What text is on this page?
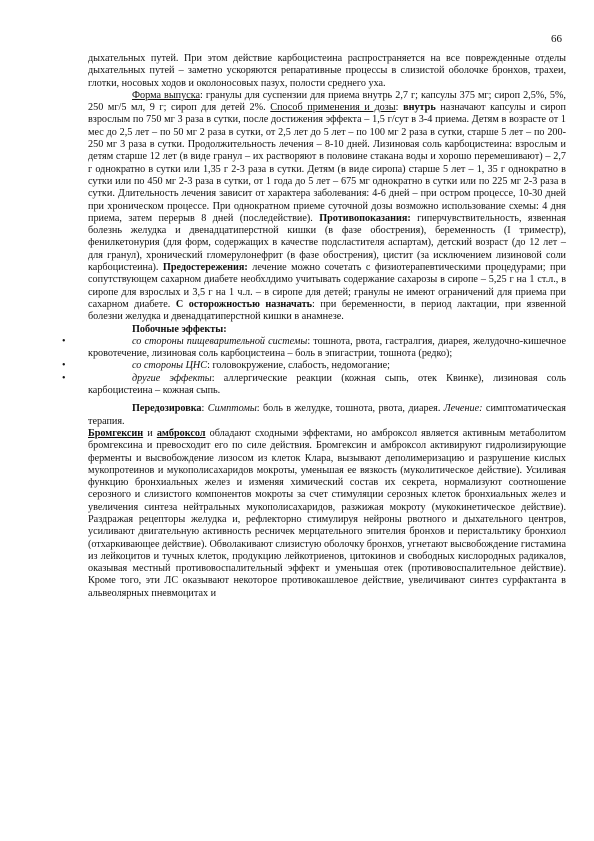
66

дыхательных путей. При этом действие карбоцистеина распространяется на все поврежденные отделы дыхательных путей – заметно ускоряются репаративные процессы в слизистой оболочке бронхов, трахеи, глотки, носовых ходов и околоносовых пазух, полости среднего уха.

Форма выпуска: гранулы для суспензии для приема внутрь 2,7 г; капсулы 375 мг; сироп 2,5%, 5%, 250 мг/5 мл, 9 г; сироп для детей 2%. Способ применения и дозы: внутрь назначают капсулы и сироп взрослым по 750 мг 3 раза в сутки, после достижения эффекта – 1,5 г/сут в 3-4 приема. Детям в возрасте от 1 мес до 2,5 лет – по 50 мг 2 раза в сутки, от 2,5 лет до 5 лет – по 100 мг 2 раза в сутки, старше 5 лет – по 200-250 мг 3 раза в сутки. Продолжительность лечения – 8-10 дней. Лизиновая соль карбоцистеина: взрослым и детям старше 12 лет (в виде гранул – их растворяют в половине стакана воды и хорошо перемешивают) – 2,7 г однократно в сутки или 1,35 г 2-3 раза в сутки. Детям (в виде сиропа) старше 5 лет – 1, 35 г однократно в сутки или по 450 мг 2-3 раза в сутки, от 1 года до 5 лет – 675 мг однократно в сутки или по 225 мг 2-3 раза в сутки. Длительность лечения зависит от характера заболевания: 4-6 дней – при остром процессе, 10-30 дней при хроническом процессе. При однократном приеме суточной дозы возможно использование схемы: 4 дня приема, затем перерыв 8 дней (последействие). Противопоказания: гиперчувствительность, язвенная болезнь желудка и двенадцатиперстной кишки (в фазе обострения), беременность (I триместр), фенилкетонурия (для форм, содержащих в качестве подсластителя аспартам), детский возраст (до 12 лет – для гранул), хронический гломерулонефрит (в фазе обострения), цистит (за исключением лизиновой соли карбоцистеина). Предостережения: лечение можно сочетать с физиотерапевтическими процедурами; при сопутствующем сахарном диабете необхлдимо учитывать содержание сахарозы в сиропе – 5,25 г на 1 ст.л., в сиропе для взрослых и 3,5 г на 1 ч.л. – в сиропе для детей; гранулы не имеют ограничений для приема при сахарном диабете. С осторожностью назначать: при беременности, в период лактации, при язвенной болезни желудка и двенадцатиперстной кишки в анамнезе.

Побочные эффекты:

•	со стороны пищеварительной системы: тошнота, рвота, гастралгия, диарея, желудочно-кишечное кровотечение, лизиновая соль карбоцистеина – боль в эпигастрии, тошнота (редко);

•	со стороны ЦНС: головокружение, слабость, недомогание;

•	другие эффекты: аллергические реакции (кожная сыпь, отек Квинке), лизиновая соль карбоцистеина – кожная сыпь.

Передозировка: Симптомы: боль в желудке, тошнота, рвота, диарея. Лечение: симптоматическая терапия.

Бромгексин и амброксол обладают сходными эффектами, но амброксол является активным метаболитом бромгексина и превосходит его по силе действия. Бромгексин и амброксол активируют гидролизирующие ферменты и высвобождение лизосом из клеток Клара, вызывают деполимеризацию и разрушение кислых мукопротеинов и мукополисахаридов мокроты, уменьшая ее вязкость (муколитическое действие). Усиливая функцию бронхиальных желез и изменяя химический состав их секрета, нормализуют соотношение серозного и слизистого компонентов мокроты за счет стимуляции серозных клеток бронхиальных желез и увеличения синтеза нейтральных мукополисахаридов, разжижая мокроту (мукокинетическое действие). Раздражая рецепторы желудка и, рефлекторно стимулируя нейроны рвотного и дыхательного центров, усиливают двигательную активность ресничек мерцательного эпителия бронхов и перистальтику бронхиол (отхаркивающее действие). Обволакивают слизистую оболочку бронхов, угнетают высвобождение гистамина из лейкоцитов и тучных клеток, продукцию лейкотриенов, цитокинов и свободных кислородных радикалов, оказывая местный противовоспалительный эффект и уменьшая отек (противовоспалительное действие). Кроме того, эти ЛС оказывают некоторое противокашлевое действие, увеличивают синтез сурфактанта в альвеолярных пневмоцитах и
